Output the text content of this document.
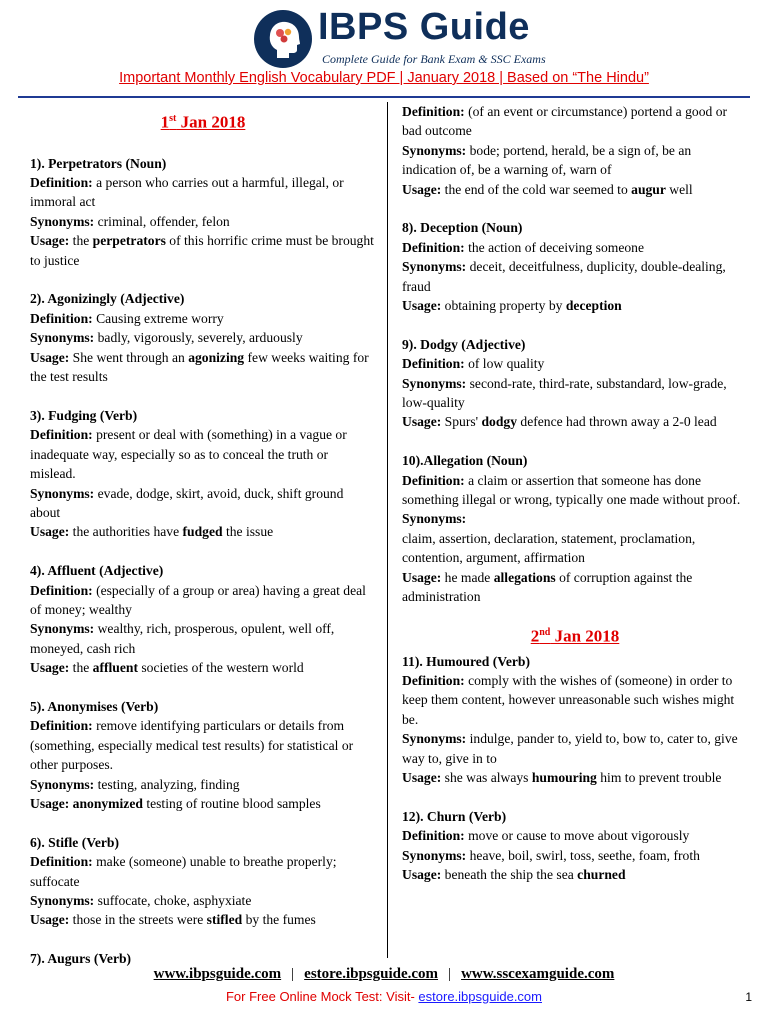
IBPS Guide
Complete Guide for Bank Exam & SSC Exams
Important Monthly English Vocabulary PDF | January 2018 | Based on “The Hindu”
1st Jan 2018

1). Perpetrators (Noun)

Definition: a person who carries out a harmful, illegal, or immoral act

Synonyms: criminal, offender, felon

Usage: the perpetrators of this horrific crime must be brought to justice

2). Agonizingly (Adjective)

Definition: Causing extreme worry

Synonyms: badly, vigorously, severely, arduously

Usage: She went through an agonizing few weeks waiting for the test results

3). Fudging (Verb)

Definition: present or deal with (something) in a vague or inadequate way, especially so as to conceal the truth or mislead.

Synonyms: evade, dodge, skirt, avoid, duck, shift ground about

Usage: the authorities have fudged the issue

4). Affluent (Adjective)

Definition: (especially of a group or area) having a great deal of money; wealthy

Synonyms: wealthy, rich, prosperous, opulent, well off, moneyed, cash rich

Usage: the affluent societies of the western world

5). Anonymises (Verb)

Definition: remove identifying particulars or details from (something, especially medical test results) for statistical or other purposes.

Synonyms: testing, analyzing, finding

Usage: anonymized testing of routine blood samples

6). Stifle (Verb)

Definition: make (someone) unable to breathe properly; suffocate

Synonyms: suffocate, choke, asphyxiate

Usage: those in the streets were stifled by the fumes

7). Augurs (Verb)

Definition: (of an event or circumstance) portend a good or bad outcome

Synonyms: bode; portend, herald, be a sign of, be an indication of, be a warning of, warn of

Usage: the end of the cold war seemed to augur well

8). Deception (Noun)

Definition: the action of deceiving someone

Synonyms: deceit, deceitfulness, duplicity, double-dealing, fraud

Usage: obtaining property by deception

9). Dodgy (Adjective)

Definition: of low quality

Synonyms: second-rate, third-rate, substandard, low-grade, low-quality

Usage: Spurs' dodgy defence had thrown away a 2-0 lead

10).Allegation (Noun)

Definition: a claim or assertion that someone has done something illegal or wrong, typically one made without proof.

Synonyms:

claim, assertion, declaration, statement, proclamation, contention, argument, affirmation

Usage: he made allegations of corruption against the administration

2nd Jan 2018

11). Humoured (Verb)

Definition: comply with the wishes of (someone) in order to keep them content, however unreasonable such wishes might be.

Synonyms: indulge, pander to, yield to, bow to, cater to, give way to, give in to

Usage: she was always humouring him to prevent trouble

12). Churn (Verb)

Definition: move or cause to move about vigorously

Synonyms: heave, boil, swirl, toss, seethe, foam, froth

Usage: beneath the ship the sea churned

www.ibpsguide.com | estore.ibpsguide.com | www.sscexamguide.com
For Free Online Mock Test: Visit- estore.ibpsguide.com	1
